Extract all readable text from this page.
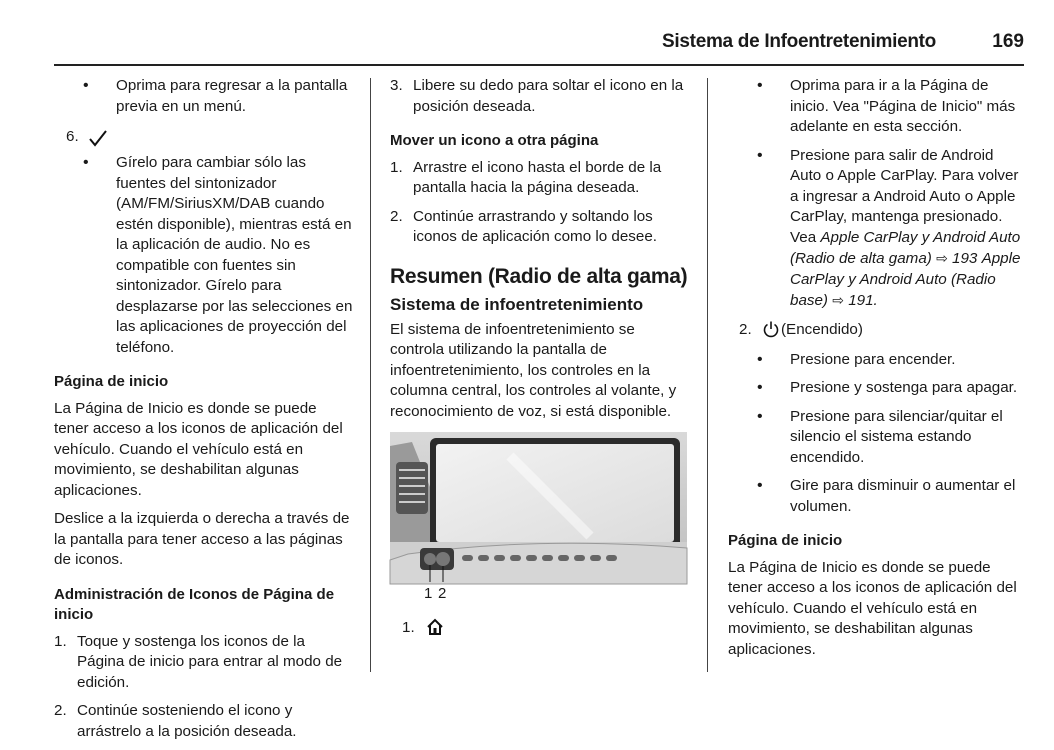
Sistema de Infoentretenimiento	169
• Oprima para regresar a la pantalla previa en un menú.
6.
• Gírelo para cambiar sólo las fuentes del sintonizador (AM/FM/SiriusXM/DAB cuando estén disponible), mientras está en la aplicación de audio. No es compatible con fuentes sin sintonizador. Gírelo para desplazarse por las selecciones en las aplicaciones de proyección del teléfono.
Página de inicio
La Página de Inicio es donde se puede tener acceso a los iconos de aplicación del vehículo. Cuando el vehículo está en movimiento, se deshabilitan algunas aplicaciones.
Deslice a la izquierda o derecha a través de la pantalla para tener acceso a las páginas de iconos.
Administración de Iconos de Página de inicio
1. Toque y sostenga los iconos de la Página de inicio para entrar al modo de edición.
2. Continúe sosteniendo el icono y arrástrelo a la posición deseada.
3. Libere su dedo para soltar el icono en la posición deseada.
Mover un icono a otra página
1. Arrastre el icono hasta el borde de la pantalla hacia la página deseada.
2. Continúe arrastrando y soltando los iconos de aplicación como lo desee.
Resumen (Radio de alta gama)
Sistema de infoentretenimiento
El sistema de infoentretenimiento se controla utilizando la pantalla de infoentretenimiento, los controles en la columna central, los controles al volante, y reconocimiento de voz, si está disponible.
1 2
1.
• Oprima para ir a la Página de inicio. Vea "Página de Inicio" más adelante en esta sección.
• Presione para salir de Android Auto o Apple CarPlay. Para volver a ingresar a Android Auto o Apple CarPlay, mantenga presionado. Vea Apple CarPlay y Android Auto (Radio de alta gama) ⇨ 193 Apple CarPlay y Android Auto (Radio base) ⇨ 191.
2. (Encendido)
• Presione para encender.
• Presione y sostenga para apagar.
• Presione para silenciar/quitar el silencio el sistema estando encendido.
• Gire para disminuir o aumentar el volumen.
Página de inicio
La Página de Inicio es donde se puede tener acceso a los iconos de aplicación del vehículo. Cuando el vehículo está en movimiento, se deshabilitan algunas aplicaciones.
